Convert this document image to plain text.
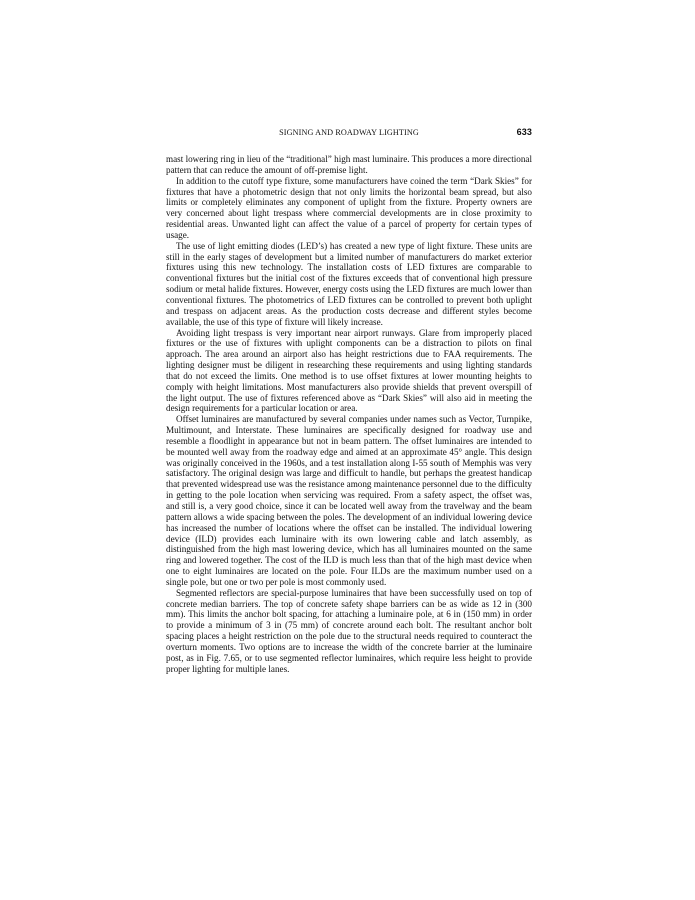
SIGNING AND ROADWAY LIGHTING	633

mast lowering ring in lieu of the “traditional” high mast luminaire. This produces a more directional pattern that can reduce the amount of off-premise light.

In addition to the cutoff type fixture, some manufacturers have coined the term “Dark Skies” for fixtures that have a photometric design that not only limits the horizontal beam spread, but also limits or completely eliminates any component of uplight from the fixture. Property owners are very concerned about light trespass where commercial developments are in close proximity to residential areas. Unwanted light can affect the value of a parcel of property for certain types of usage.

The use of light emitting diodes (LED’s) has created a new type of light fixture. These units are still in the early stages of development but a limited number of manufacturers do market exterior fixtures using this new technology. The installation costs of LED fixtures are comparable to conventional fixtures but the initial cost of the fixtures exceeds that of conventional high pressure sodium or metal halide fixtures. However, energy costs using the LED fixtures are much lower than conventional fixtures. The photometrics of LED fixtures can be controlled to prevent both uplight and trespass on adjacent areas. As the production costs decrease and different styles become available, the use of this type of fixture will likely increase.

Avoiding light trespass is very important near airport runways. Glare from improperly placed fixtures or the use of fixtures with uplight components can be a distraction to pilots on final approach. The area around an airport also has height restrictions due to FAA requirements. The lighting designer must be diligent in researching these requirements and using lighting standards that do not exceed the limits. One method is to use offset fixtures at lower mounting heights to comply with height limitations. Most manufacturers also provide shields that prevent overspill of the light output. The use of fixtures referenced above as “Dark Skies” will also aid in meeting the design requirements for a particular location or area.

Offset luminaires are manufactured by several companies under names such as Vector, Turnpike, Multimount, and Interstate. These luminaires are specifically designed for roadway use and resemble a floodlight in appearance but not in beam pattern. The offset luminaires are intended to be mounted well away from the roadway edge and aimed at an approximate 45° angle. This design was originally conceived in the 1960s, and a test installation along I-55 south of Memphis was very satisfactory. The original design was large and difficult to handle, but perhaps the greatest handicap that prevented widespread use was the resistance among maintenance personnel due to the difficulty in getting to the pole location when servicing was required. From a safety aspect, the offset was, and still is, a very good choice, since it can be located well away from the travelway and the beam pattern allows a wide spacing between the poles. The development of an individual lowering device has increased the number of locations where the offset can be installed. The individual lowering device (ILD) provides each luminaire with its own lowering cable and latch assembly, as distinguished from the high mast lowering device, which has all luminaires mounted on the same ring and lowered together. The cost of the ILD is much less than that of the high mast device when one to eight luminaires are located on the pole. Four ILDs are the maximum number used on a single pole, but one or two per pole is most commonly used.

Segmented reflectors are special-purpose luminaires that have been successfully used on top of concrete median barriers. The top of concrete safety shape barriers can be as wide as 12 in (300 mm). This limits the anchor bolt spacing, for attaching a luminaire pole, at 6 in (150 mm) in order to provide a minimum of 3 in (75 mm) of concrete around each bolt. The resultant anchor bolt spacing places a height restriction on the pole due to the structural needs required to counteract the overturn moments. Two options are to increase the width of the concrete barrier at the luminaire post, as in Fig. 7.65, or to use segmented reflector luminaires, which require less height to provide proper lighting for multiple lanes.
